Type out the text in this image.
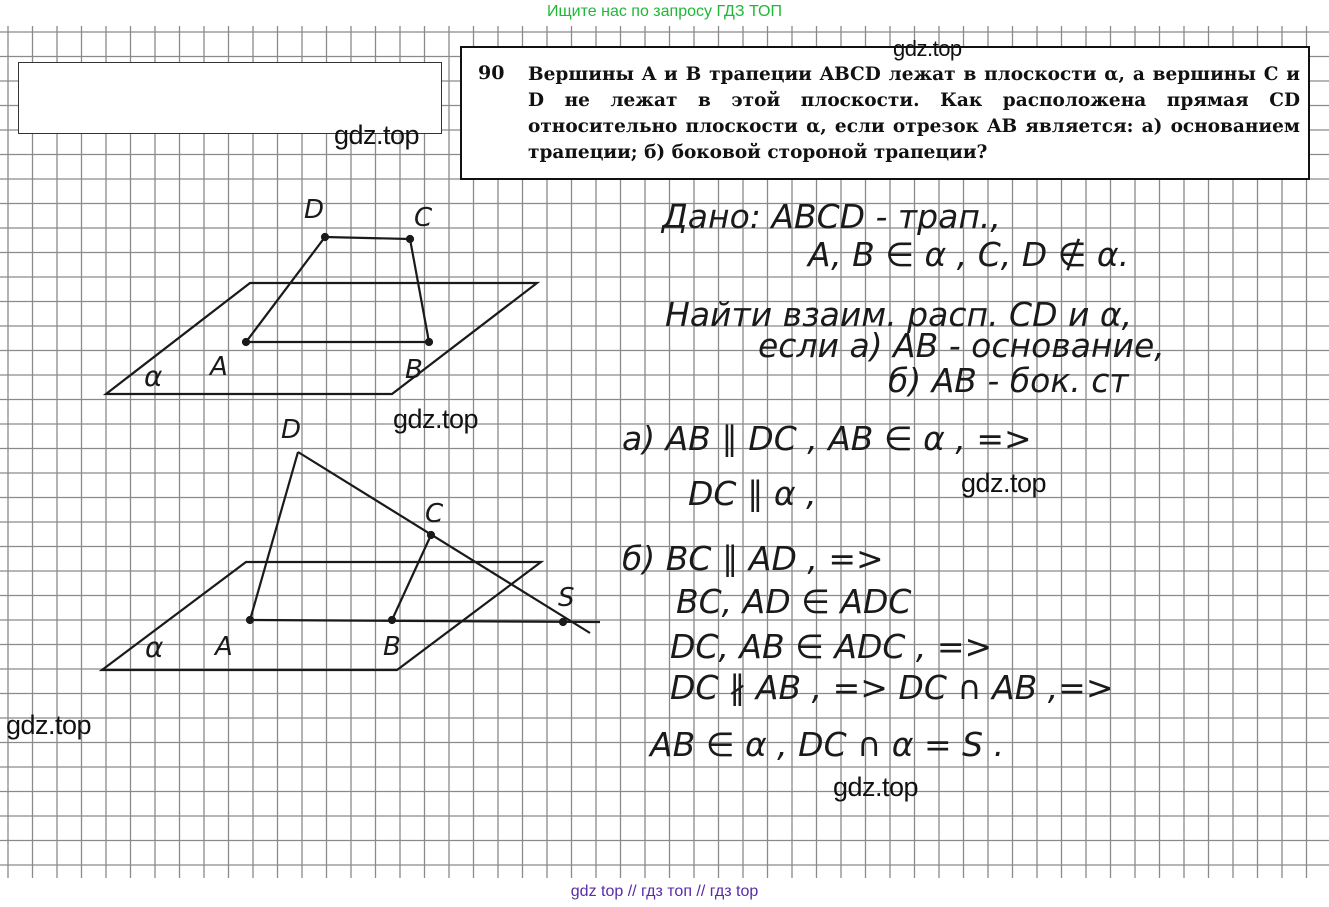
Ищите нас по запросу ГДЗ ТОП
90 Вершины A и B трапеции ABCD лежат в плоскости α, а вершины C и D не лежат в этой плоскости. Как расположена прямая CD относительно плоскости α, если отрезок AB является: а) основанием трапеции; б) боковой стороной трапеции?
D	C
A	B
α
D
C
A	B
S
α
Дано: ABCD - трап.,
A, B ∈ α , C, D ∉ α.
Найти взаим. расп. CD и α,
если а) AB - основание,
б) AB - бок. ст
а) AB ∥ DC , AB ∈ α , =>
DC ∥ α ,
б) BC ∥ AD , =>
BC, AD ∈ ADC
DC, AB ∈ ADC , =>
DC ∦ AB , => DC ∩ AB ,=>
AB ∈ α , DC ∩ α = S .
gdz.top
gdz.top
gdz.top
gdz.top
gdz.top
gdz.top
gdz top // гдз топ // гдз top
